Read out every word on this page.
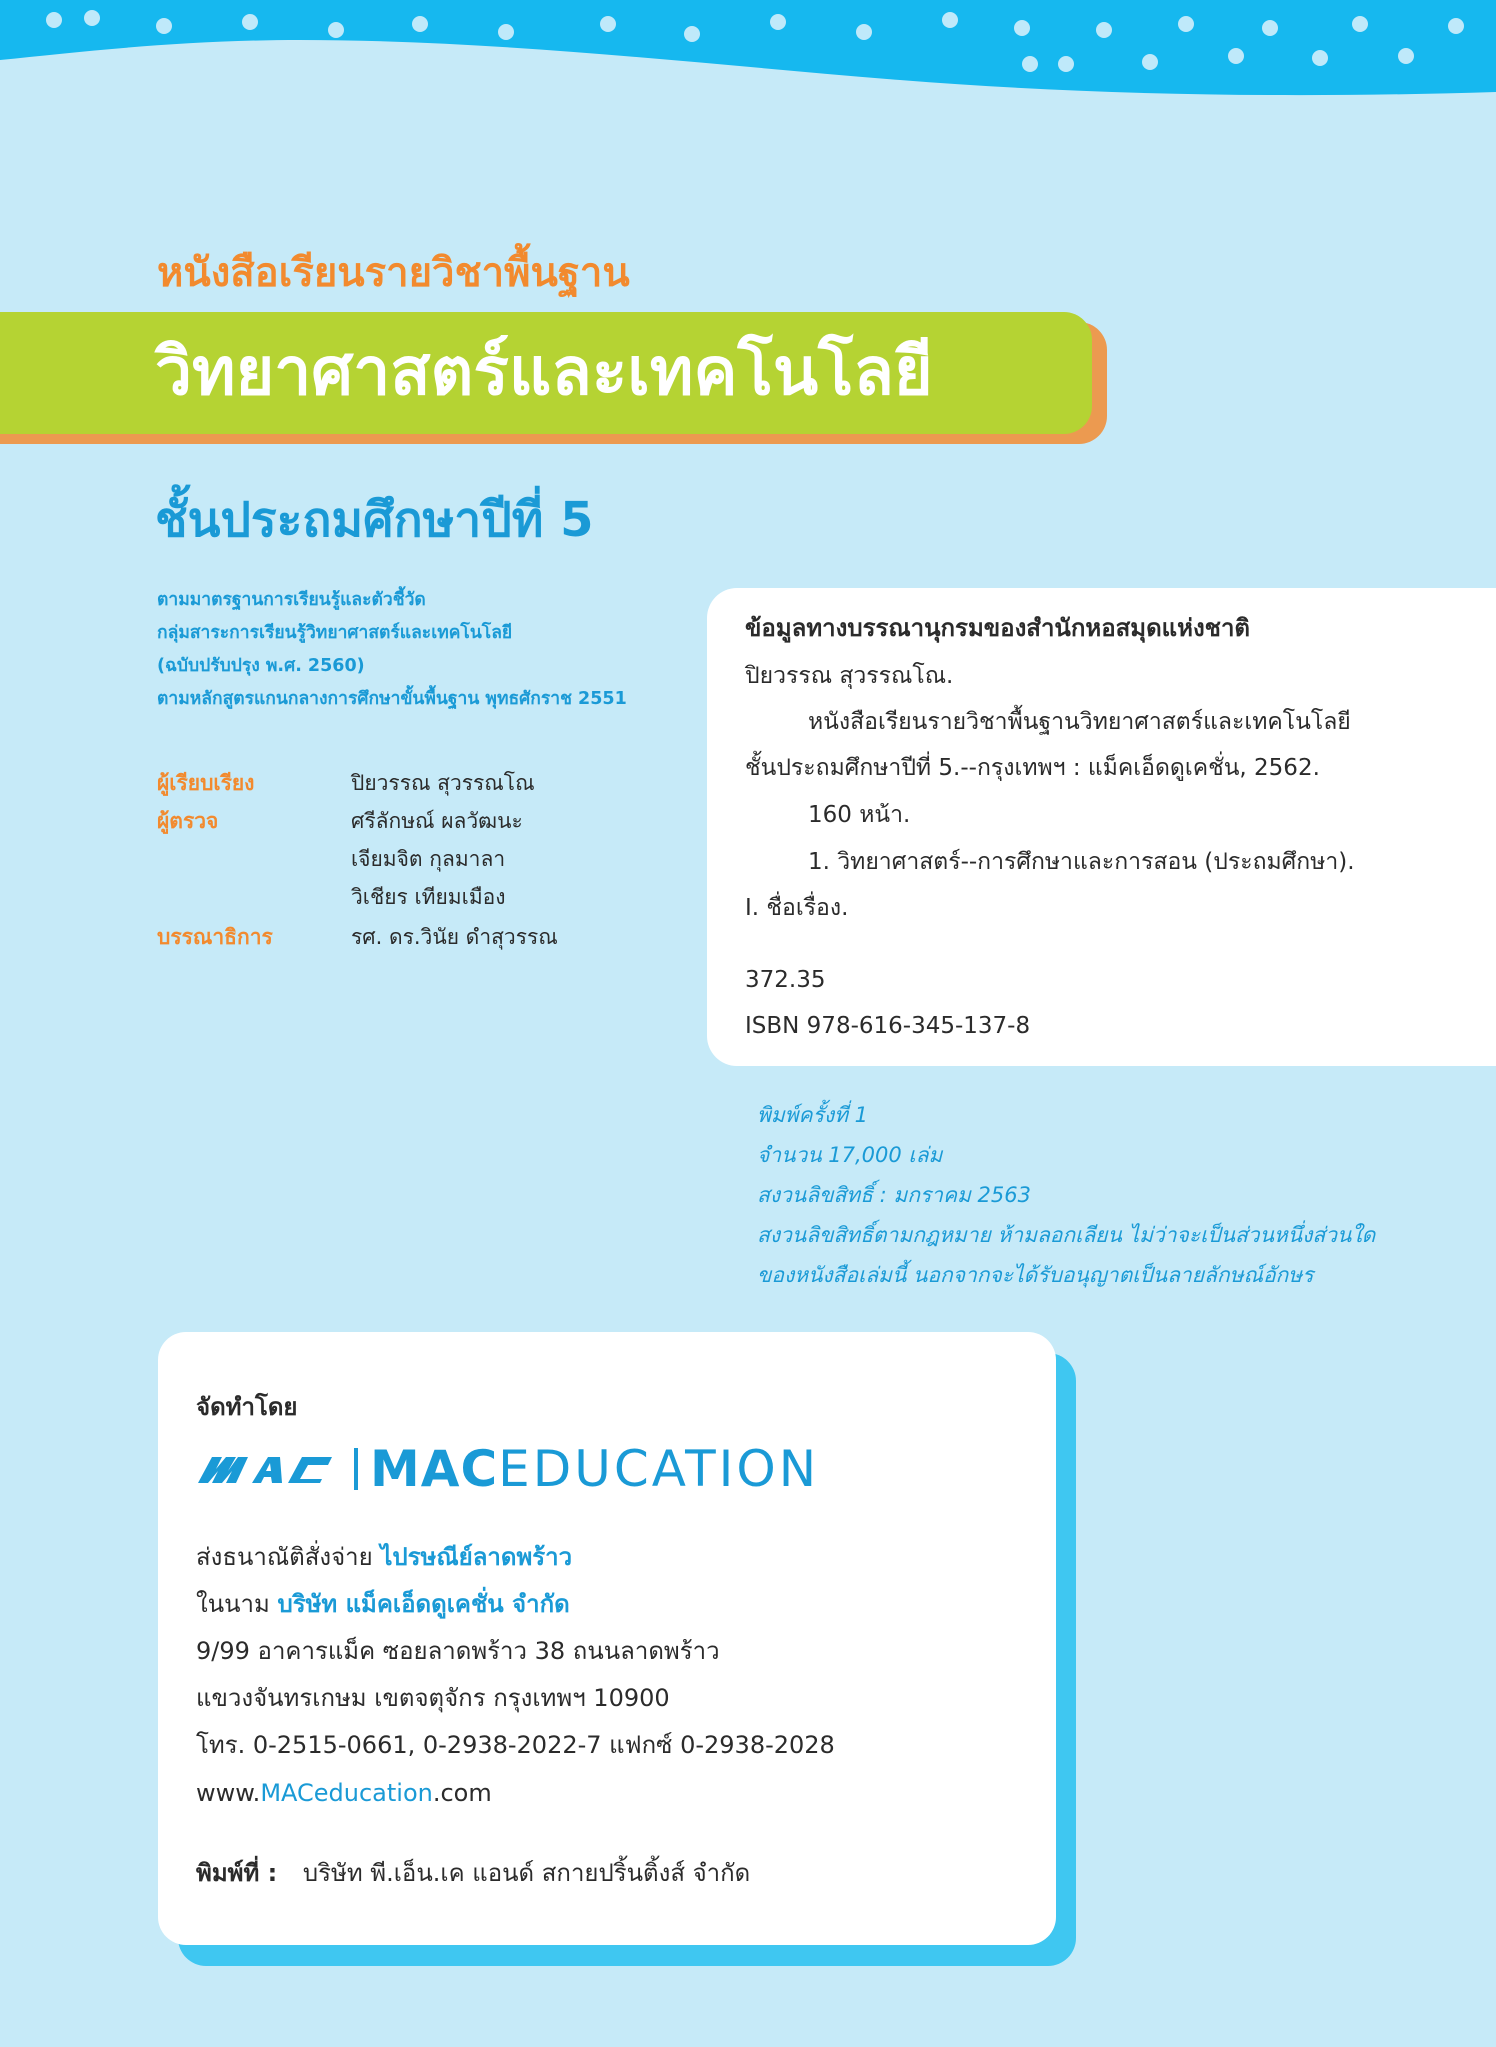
หนังสือเรียนรายวิชาพื้นฐาน
วิทยาศาสตร์และเทคโนโลยี
ชั้นประถมศึกษาปีที่ 5
ตามมาตรฐานการเรียนรู้และตัวชี้วัด
กลุ่มสาระการเรียนรู้วิทยาศาสตร์และเทคโนโลยี
(ฉบับปรับปรุง พ.ศ. 2560)
ตามหลักสูตรแกนกลางการศึกษาขั้นพื้นฐาน พุทธศักราช 2551
ผู้เรียบเรียง	ปิยวรรณ สุวรรณโณ
ผู้ตรวจ	ศรีลักษณ์ ผลวัฒนะ
เจียมจิต กุลมาลา
วิเชียร เทียมเมือง
บรรณาธิการ	รศ. ดร.วินัย ดำสุวรรณ
ข้อมูลทางบรรณานุกรมของสำนักหอสมุดแห่งชาติ
ปิยวรรณ สุวรรณโณ.
หนังสือเรียนรายวิชาพื้นฐานวิทยาศาสตร์และเทคโนโลยี
ชั้นประถมศึกษาปีที่ 5.--กรุงเทพฯ : แม็คเอ็ดดูเคชั่น, 2562.
160 หน้า.
1. วิทยาศาสตร์--การศึกษาและการสอน (ประถมศึกษา).
I. ชื่อเรื่อง.
372.35
ISBN 978-616-345-137-8
พิมพ์ครั้งที่ 1
จำนวน 17,000 เล่ม
สงวนลิขสิทธิ์ : มกราคม 2563
สงวนลิขสิทธิ์ตามกฎหมาย ห้ามลอกเลียน ไม่ว่าจะเป็นส่วนหนึ่งส่วนใด
ของหนังสือเล่มนี้ นอกจากจะได้รับอนุญาตเป็นลายลักษณ์อักษร
จัดทำโดย
MACEDUCATION
ส่งธนาณัติสั่งจ่าย ไปรษณีย์ลาดพร้าว
ในนาม บริษัท แม็คเอ็ดดูเคชั่น จำกัด
9/99 อาคารแม็ค ซอยลาดพร้าว 38 ถนนลาดพร้าว
แขวงจันทรเกษม เขตจตุจักร กรุงเทพฯ 10900
โทร. 0-2515-0661, 0-2938-2022-7 แฟกซ์ 0-2938-2028
www.MACeducation.com
พิมพ์ที่ : บริษัท พี.เอ็น.เค แอนด์ สกายปริ้นติ้งส์ จำกัด
